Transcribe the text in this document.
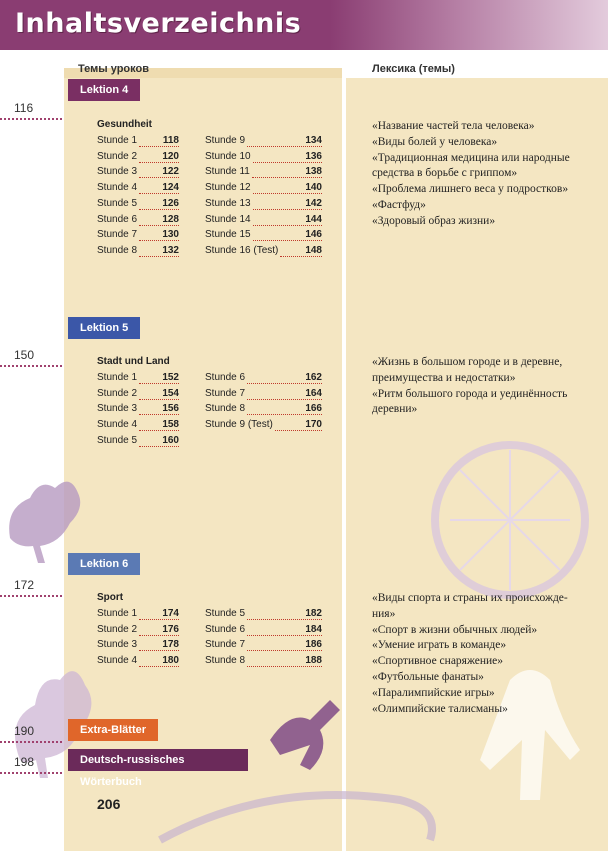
Inhaltsverzeichnis
Темы уроков	Лексика (темы)
116
Lektion 4
Gesundheit
Stunde 1	118
Stunde 2	120
Stunde 3	122
Stunde 4	124
Stunde 5	126
Stunde 6	128
Stunde 7	130
Stunde 8	132
Stunde 9	134
Stunde 10	136
Stunde 11	138
Stunde 12	140
Stunde 13	142
Stunde 14	144
Stunde 15	146
Stunde 16 (Test)	148
«Название частей тела человека»
«Виды болей у человека»
«Традиционная медицина или народные
средства в борьбе с гриппом»
«Проблема лишнего веса у подростков»
«Фастфуд»
«Здоровый образ жизни»
150
Lektion 5
Stadt und Land
Stunde 1	152
Stunde 2	154
Stunde 3	156
Stunde 4	158
Stunde 5	160
Stunde 6	162
Stunde 7	164
Stunde 8	166
Stunde 9 (Test)	170
«Жизнь в большом городе и в деревне,
преимущества и недостатки»
«Ритм большого города и уединённость
деревни»
172
Lektion 6
Sport
Stunde 1	174
Stunde 2	176
Stunde 3	178
Stunde 4	180
Stunde 5	182
Stunde 6	184
Stunde 7	186
Stunde 8	188
«Виды спорта и страны их происхожде-
ния»
«Спорт в жизни обычных людей»
«Умение играть в команде»
«Спортивное снаряжение»
«Футбольные фанаты»
«Паралимпийские игры»
«Олимпийские талисманы»
190	Extra-Blätter
198	Deutsch-russisches Wörterbuch
206
